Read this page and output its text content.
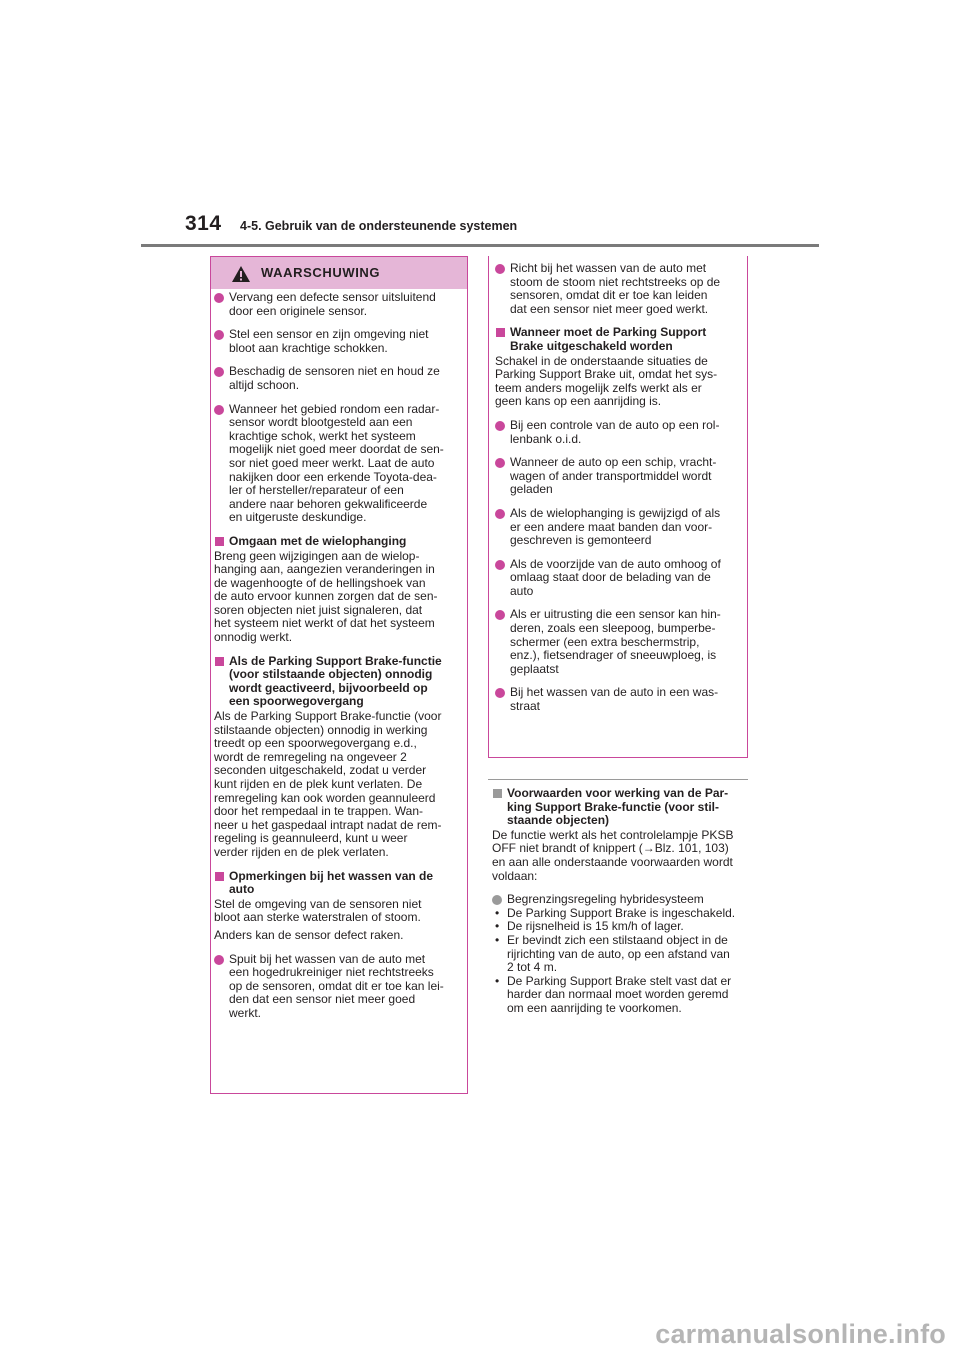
314 4-5. Gebruik van de ondersteunende systemen
WAARSCHUWING
Vervang een defecte sensor uitsluitend
door een originele sensor.
Stel een sensor en zijn omgeving niet
bloot aan krachtige schokken.
Beschadig de sensoren niet en houd ze
altijd schoon.
Wanneer het gebied rondom een radar-
sensor wordt blootgesteld aan een
krachtige schok, werkt het systeem
mogelijk niet goed meer doordat de sen-
sor niet goed meer werkt. Laat de auto
nakijken door een erkende Toyota-dea-
ler of hersteller/reparateur of een
andere naar behoren gekwalificeerde
en uitgeruste deskundige.
Omgaan met de wielophanging
Breng geen wijzigingen aan de wielop-
hanging aan, aangezien veranderingen in
de wagenhoogte of de hellingshoek van
de auto ervoor kunnen zorgen dat de sen-
soren objecten niet juist signaleren, dat
het systeem niet werkt of dat het systeem
onnodig werkt.
Als de Parking Support Brake-functie
(voor stilstaande objecten) onnodig
wordt geactiveerd, bijvoorbeeld op
een spoorwegovergang
Als de Parking Support Brake-functie (voor
stilstaande objecten) onnodig in werking
treedt op een spoorwegovergang e.d.,
wordt de remregeling na ongeveer 2
seconden uitgeschakeld, zodat u verder
kunt rijden en de plek kunt verlaten. De
remregeling kan ook worden geannuleerd
door het rempedaal in te trappen. Wan-
neer u het gaspedaal intrapt nadat de rem-
regeling is geannuleerd, kunt u weer
verder rijden en de plek verlaten.
Opmerkingen bij het wassen van de
auto
Stel de omgeving van de sensoren niet
bloot aan sterke waterstralen of stoom.
Anders kan de sensor defect raken.
Spuit bij het wassen van de auto met
een hogedrukreiniger niet rechtstreeks
op de sensoren, omdat dit er toe kan lei-
den dat een sensor niet meer goed
werkt.
Richt bij het wassen van de auto met
stoom de stoom niet rechtstreeks op de
sensoren, omdat dit er toe kan leiden
dat een sensor niet meer goed werkt.
Wanneer moet de Parking Support
Brake uitgeschakeld worden
Schakel in de onderstaande situaties de
Parking Support Brake uit, omdat het sys-
teem anders mogelijk zelfs werkt als er
geen kans op een aanrijding is.
Bij een controle van de auto op een rol-
lenbank o.i.d.
Wanneer de auto op een schip, vracht-
wagen of ander transportmiddel wordt
geladen
Als de wielophanging is gewijzigd of als
er een andere maat banden dan voor-
geschreven is gemonteerd
Als de voorzijde van de auto omhoog of
omlaag staat door de belading van de
auto
Als er uitrusting die een sensor kan hin-
deren, zoals een sleepoog, bumperbe-
schermer (een extra beschermstrip,
enz.), fietsendrager of sneeuwploeg, is
geplaatst
Bij het wassen van de auto in een was-
straat
Voorwaarden voor werking van de Par-
king Support Brake-functie (voor stil-
staande objecten)
De functie werkt als het controlelampje PKSB
OFF niet brandt of knippert (→Blz. 101, 103)
en aan alle onderstaande voorwaarden wordt
voldaan:
Begrenzingsregeling hybridesysteem
• De Parking Support Brake is ingeschakeld.
• De rijsnelheid is 15 km/h of lager.
• Er bevindt zich een stilstaand object in de
rijrichting van de auto, op een afstand van
2 tot 4 m.
• De Parking Support Brake stelt vast dat er
harder dan normaal moet worden geremd
om een aanrijding te voorkomen.
carmanualsonline.info
